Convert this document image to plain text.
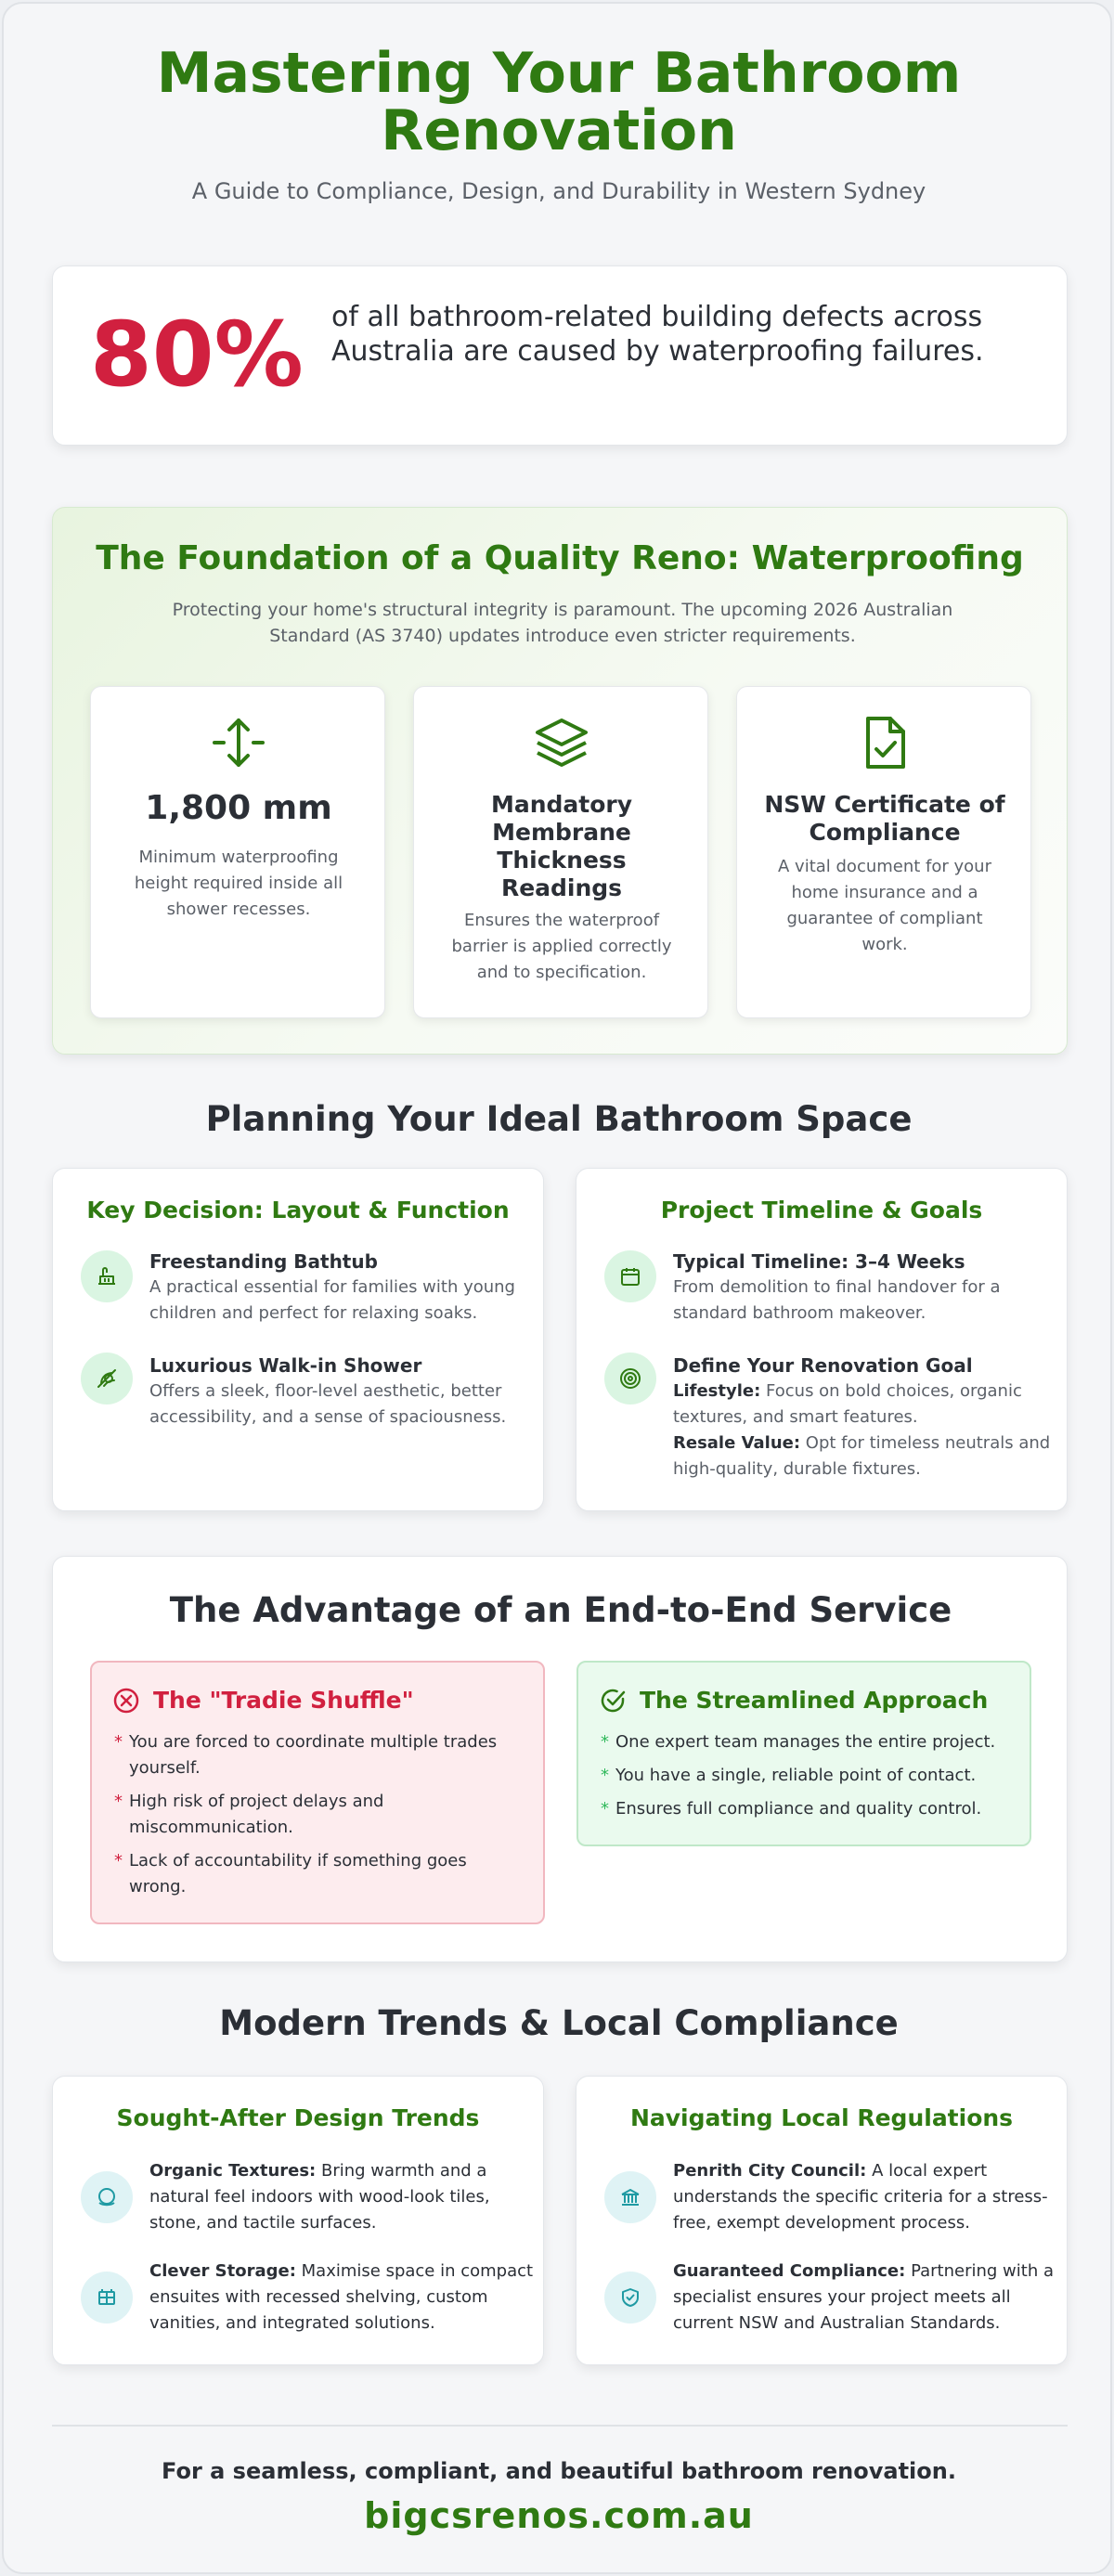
Mastering Your Bathroom
Renovation
A Guide to Compliance, Design, and Durability in Western Sydney
80% of all bathroom-related building defects across Australia are caused by waterproofing failures.
The Foundation of a Quality Reno: Waterproofing
Protecting your home's structural integrity is paramount. The upcoming 2026 Australian Standard (AS 3740) updates introduce even stricter requirements.
1,800 mm
Minimum waterproofing height required inside all shower recesses.
Mandatory Membrane Thickness Readings
Ensures the waterproof barrier is applied correctly and to specification.
NSW Certificate of Compliance
A vital document for your home insurance and a guarantee of compliant work.
Planning Your Ideal Bathroom Space
Key Decision: Layout & Function
Freestanding Bathtub
A practical essential for families with young children and perfect for relaxing soaks.
Luxurious Walk-in Shower
Offers a sleek, floor-level aesthetic, better accessibility, and a sense of spaciousness.
Project Timeline & Goals
Typical Timeline: 3–4 Weeks
From demolition to final handover for a standard bathroom makeover.
Define Your Renovation Goal
Lifestyle: Focus on bold choices, organic textures, and smart features.
Resale Value: Opt for timeless neutrals and high-quality, durable fixtures.
The Advantage of an End-to-End Service
The "Tradie Shuffle"
* You are forced to coordinate multiple trades yourself.
* High risk of project delays and miscommunication.
* Lack of accountability if something goes wrong.
The Streamlined Approach
* One expert team manages the entire project.
* You have a single, reliable point of contact.
* Ensures full compliance and quality control.
Modern Trends & Local Compliance
Sought-After Design Trends
Organic Textures: Bring warmth and a natural feel indoors with wood-look tiles, stone, and tactile surfaces.
Clever Storage: Maximise space in compact ensuites with recessed shelving, custom vanities, and integrated solutions.
Navigating Local Regulations
Penrith City Council: A local expert understands the specific criteria for a stress-free, exempt development process.
Guaranteed Compliance: Partnering with a specialist ensures your project meets all current NSW and Australian Standards.
For a seamless, compliant, and beautiful bathroom renovation.
bigcsrenos.com.au
